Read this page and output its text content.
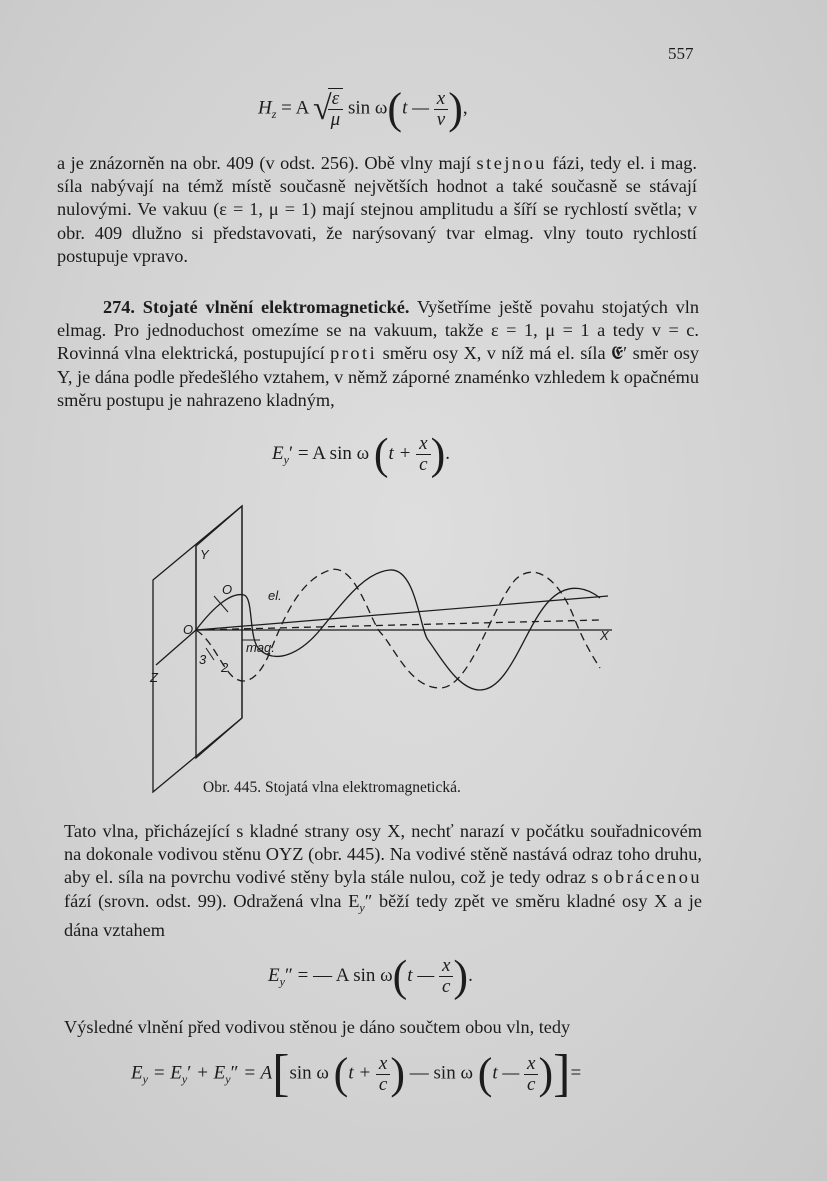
557
$H_z = A$ √
$\frac{\varepsilon}{\mu}$ sin ω(t — $\frac{x}{v}$ ),
a je znázorněn na obr. 409 (v odst. 256). Obě vlny mají stejnou fázi, tedy el. i mag. síla nabývají na témž místě současně největších hodnot a také současně se stávají nulovými. Ve vakuu (ε = 1, μ = 1) mají stejnou amplitudu a šíří se rychlostí světla; v obr. 409 dlužno si představovati, že narýsovaný tvar elmag. vlny touto rychlostí postupuje vpravo.
274. Stojaté vlnění elektromagnetické. Vyšetříme ještě povahu stojatých vln elmag. Pro jednoduchost omezíme se na vakuum, takže ε = 1, μ = 1 a tedy v = c. Rovinná vlna elektrická, postupující proti směru osy X, v níž má el. síla 𝕰′ směr osy Y, je dána podle předešlého vztahem, v němž záporné znaménko vzhledem k opačnému směru postupu je nahrazeno kladným,
$E_y' = A$ sin ω ($t + \frac{x}{c}$ ).
Y
O
O
X
Z
3
2
el.
mag.
Obr. 445. Stojatá vlna elektromagnetická.
Tato vlna, přicházející s kladné strany osy X, nechť narazí v počátku souřadnicovém na dokonale vodivou stěnu OYZ (obr. 445). Na vodivé stěně nastává odraz toho druhu, aby el. síla na povrchu vodivé stěny byla stále nulou, což je tedy odraz s obrácenou fází (srovn. odst. 99). Odražená vlna $E_y''$ běží tedy zpět ve směru kladné osy X a je dána vztahem
$E_y''$ = — A sin ω(t — $\frac{x}{c}$ ).
Výsledné vlnění před vodivou stěnou je dáno součtem obou vln, tedy
$E_y = E_y' + E_y'' = A[\sin$ ω ($t + \frac{x}{c}$ ) — sin ω (t — $\frac{x}{c}$ )]=
